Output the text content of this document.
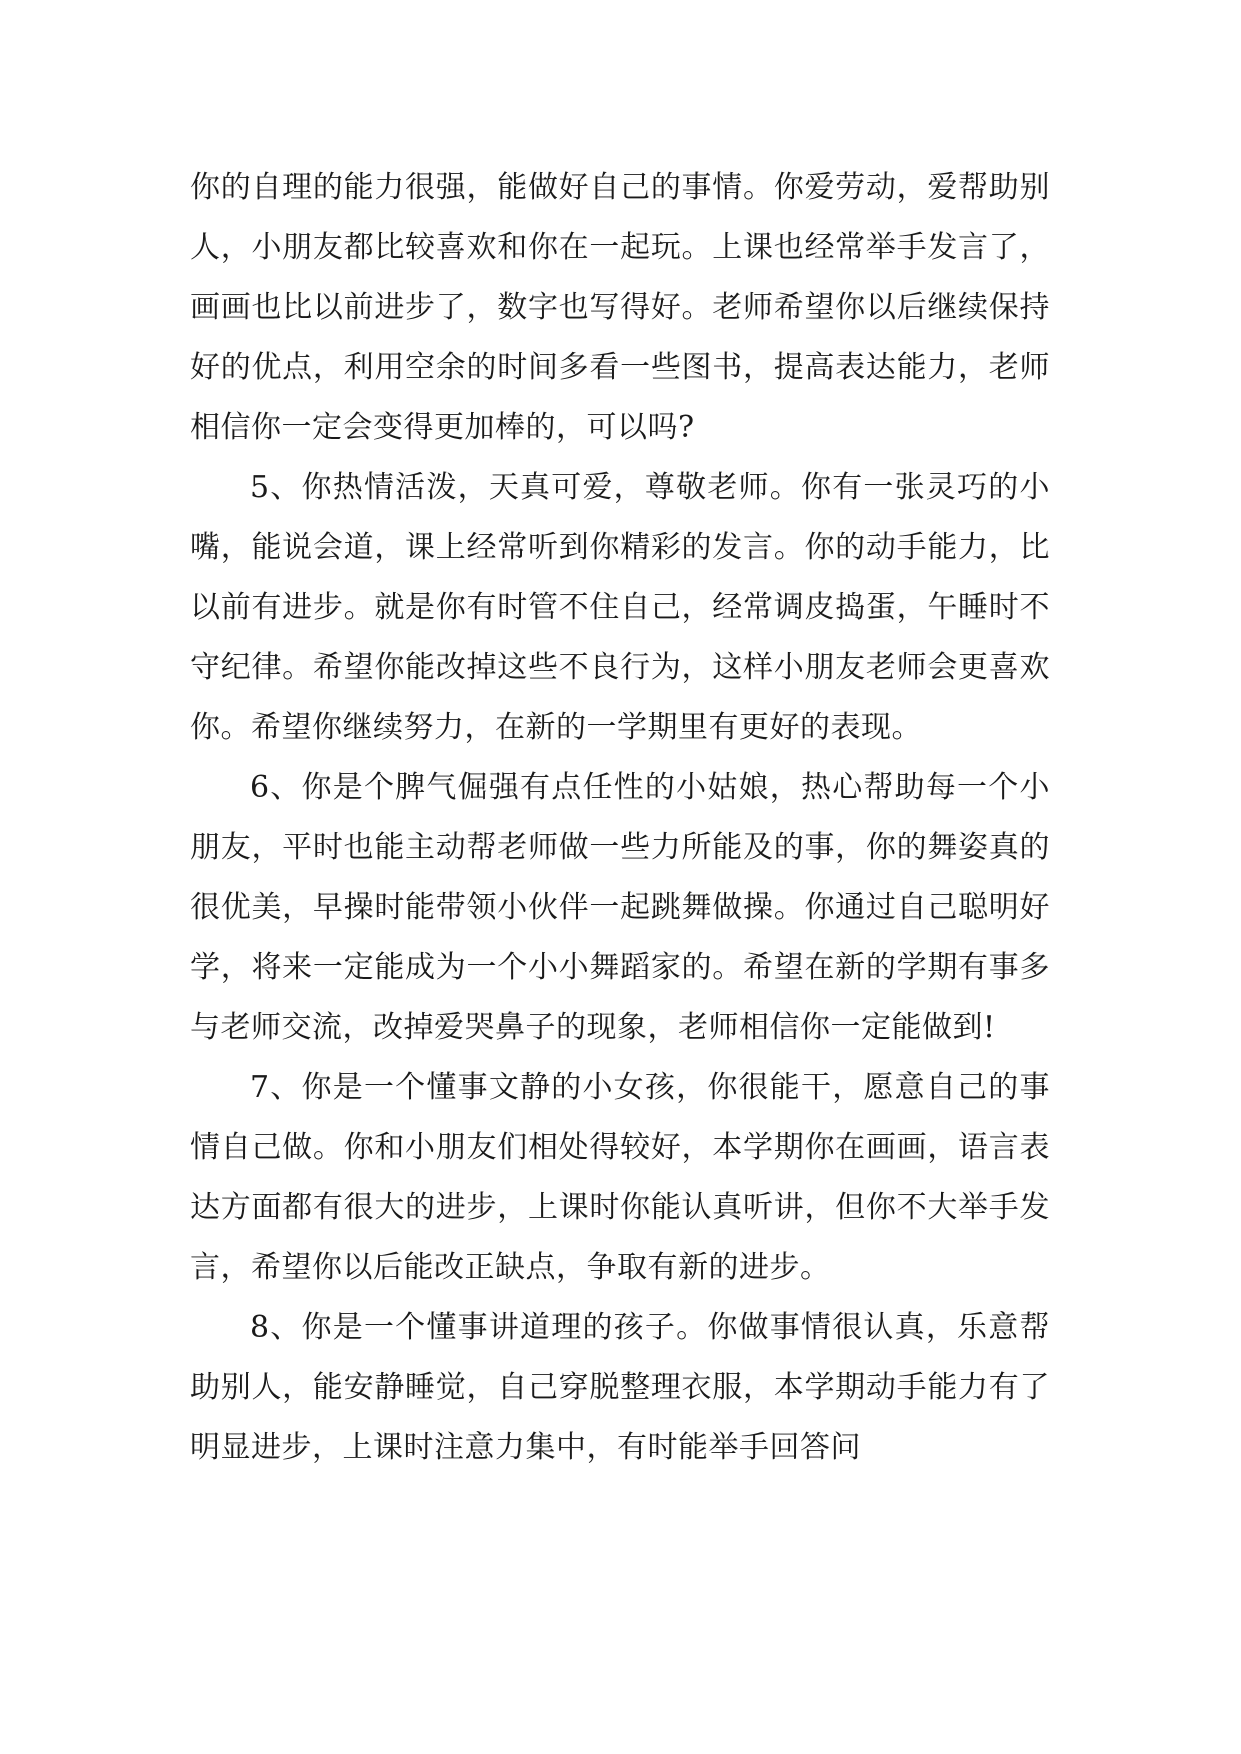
你的自理的能力很强，能做好自己的事情。你爱劳动，爱帮助别人，小朋友都比较喜欢和你在一起玩。上课也经常举手发言了，画画也比以前进步了，数字也写得好。老师希望你以后继续保持好的优点，利用空余的时间多看一些图书，提高表达能力，老师相信你一定会变得更加棒的，可以吗?

5、你热情活泼，天真可爱，尊敬老师。你有一张灵巧的小嘴，能说会道，课上经常听到你精彩的发言。你的动手能力，比以前有进步。就是你有时管不住自己，经常调皮捣蛋，午睡时不守纪律。希望你能改掉这些不良行为，这样小朋友老师会更喜欢你。希望你继续努力，在新的一学期里有更好的表现。

6、你是个脾气倔强有点任性的小姑娘，热心帮助每一个小朋友，平时也能主动帮老师做一些力所能及的事，你的舞姿真的很优美，早操时能带领小伙伴一起跳舞做操。你通过自己聪明好学，将来一定能成为一个小小舞蹈家的。希望在新的学期有事多与老师交流，改掉爱哭鼻子的现象，老师相信你一定能做到!

7、你是一个懂事文静的小女孩，你很能干，愿意自己的事情自己做。你和小朋友们相处得较好，本学期你在画画，语言表达方面都有很大的进步，上课时你能认真听讲，但你不大举手发言，希望你以后能改正缺点，争取有新的进步。

8、你是一个懂事讲道理的孩子。你做事情很认真，乐意帮助别人，能安静睡觉，自己穿脱整理衣服，本学期动手能力有了明显进步，上课时注意力集中，有时能举手回答问
